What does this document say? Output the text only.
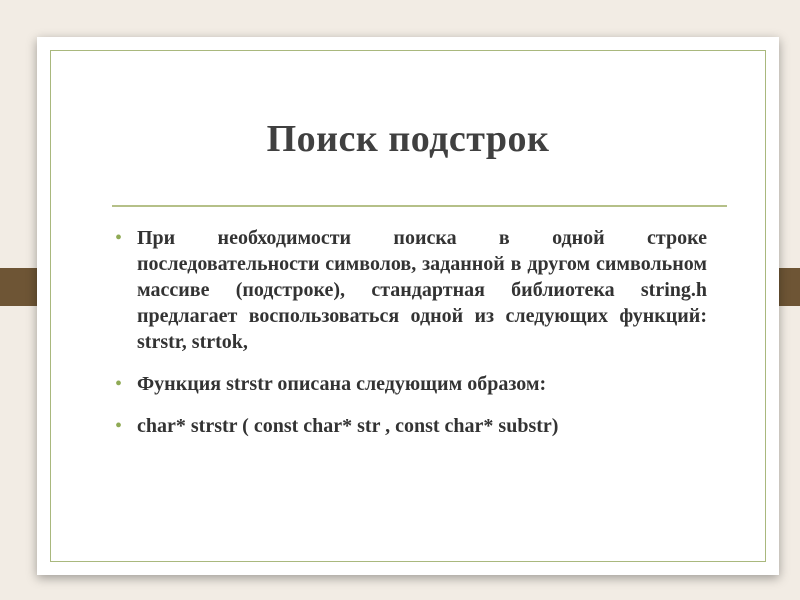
Поиск подстрок
• При необходимости поиска в одной строке последовательности символов, заданной в другом символьном массиве (подстроке), стандартная библиотека string.h предлагает воспользоваться одной из следующих функций: strstr, strtok,
• Функция strstr описана следующим образом:
• char* strstr ( const char* str , const char* substr)
